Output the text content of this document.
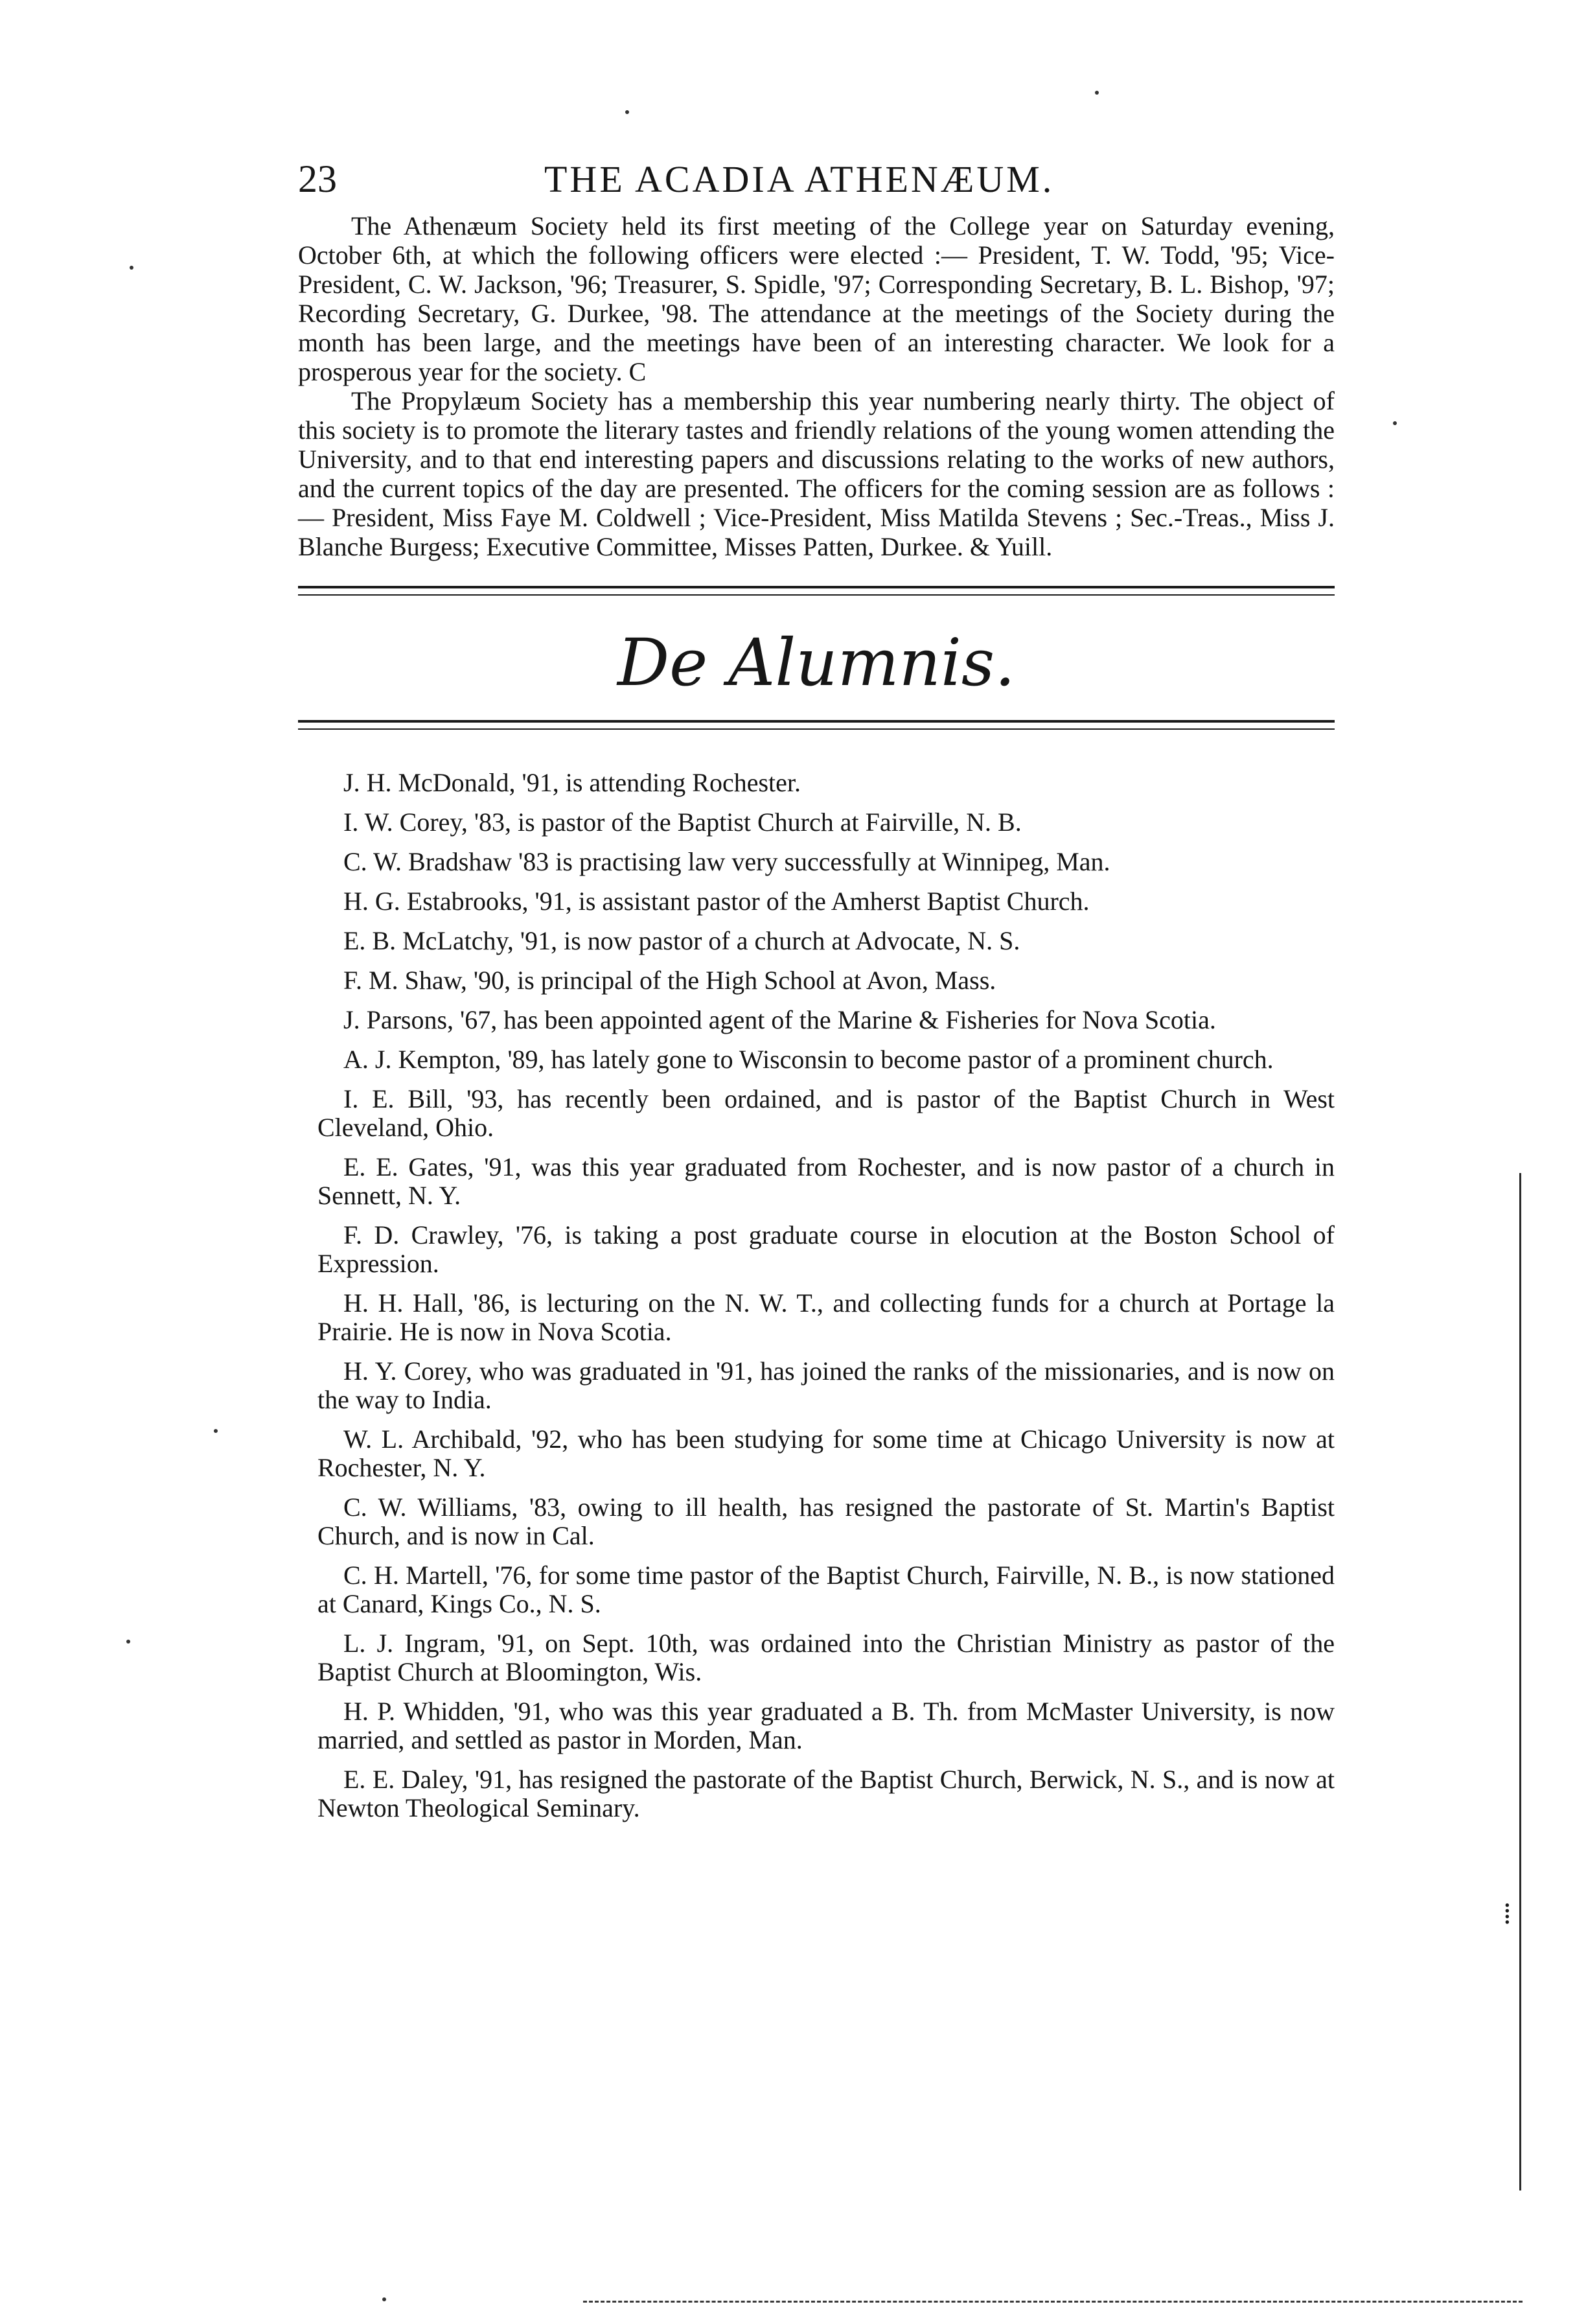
23	THE ACADIA ATHENÆUM.

The Athenæum Society held its first meeting of the College year on Saturday evening, October 6th, at which the following officers were elected :— President, T. W. Todd, '95; Vice-President, C. W. Jackson, '96; Treasurer, S. Spidle, '97; Corresponding Secretary, B. L. Bishop, '97; Recording Secretary, G. Durkee, '98. The attendance at the meetings of the Society during the month has been large, and the meetings have been of an interesting character. We look for a prosperous year for the society. C

The Propylæum Society has a membership this year numbering nearly thirty. The object of this society is to promote the literary tastes and friendly relations of the young women attending the University, and to that end interesting papers and discussions relating to the works of new authors, and the current topics of the day are presented. The officers for the coming session are as follows :— President, Miss Faye M. Coldwell ; Vice-President, Miss Matilda Stevens ; Sec.-Treas., Miss J. Blanche Burgess; Executive Committee, Misses Patten, Durkee. & Yuill.

De Alumnis.

J. H. McDonald, '91, is attending Rochester.

I. W. Corey, '83, is pastor of the Baptist Church at Fairville, N. B.

C. W. Bradshaw '83 is practising law very successfully at Winnipeg, Man.

H. G. Estabrooks, '91, is assistant pastor of the Amherst Baptist Church.

E. B. McLatchy, '91, is now pastor of a church at Advocate, N. S.

F. M. Shaw, '90, is principal of the High School at Avon, Mass.

J. Parsons, '67, has been appointed agent of the Marine & Fisheries for Nova Scotia.

A. J. Kempton, '89, has lately gone to Wisconsin to become pastor of a prominent church.

I. E. Bill, '93, has recently been ordained, and is pastor of the Baptist Church in West Cleveland, Ohio.

E. E. Gates, '91, was this year graduated from Rochester, and is now pastor of a church in Sennett, N. Y.

F. D. Crawley, '76, is taking a post graduate course in elocution at the Boston School of Expression.

H. H. Hall, '86, is lecturing on the N. W. T., and collecting funds for a church at Portage la Prairie. He is now in Nova Scotia.

H. Y. Corey, who was graduated in '91, has joined the ranks of the missionaries, and is now on the way to India.

W. L. Archibald, '92, who has been studying for some time at Chicago University is now at Rochester, N. Y.

C. W. Williams, '83, owing to ill health, has resigned the pastorate of St. Martin's Baptist Church, and is now in Cal.

C. H. Martell, '76, for some time pastor of the Baptist Church, Fairville, N. B., is now stationed at Canard, Kings Co., N. S.

L. J. Ingram, '91, on Sept. 10th, was ordained into the Christian Ministry as pastor of the Baptist Church at Bloomington, Wis.

H. P. Whidden, '91, who was this year graduated a B. Th. from McMaster University, is now married, and settled as pastor in Morden, Man.

E. E. Daley, '91, has resigned the pastorate of the Baptist Church, Berwick, N. S., and is now at Newton Theological Seminary.

⁞
